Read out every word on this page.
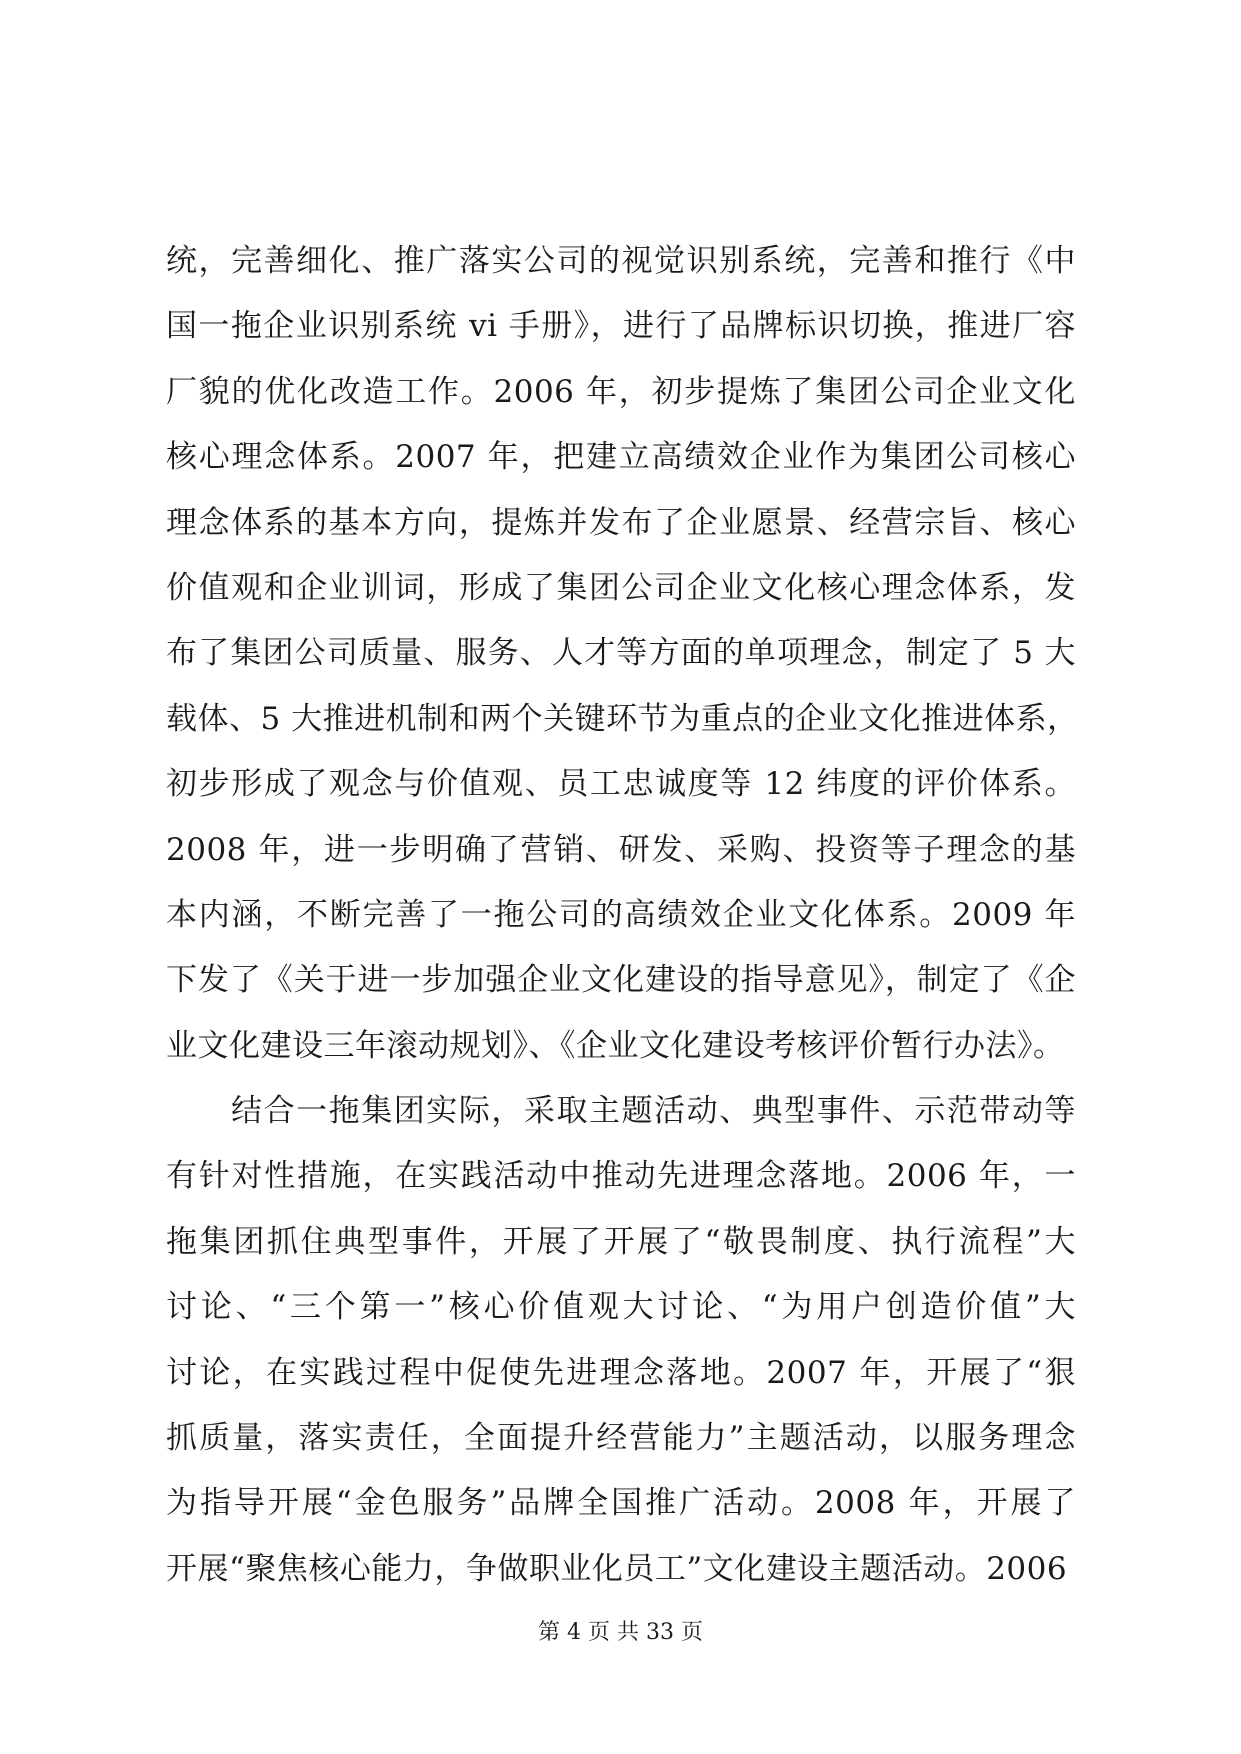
统，完善细化、推广落实公司的视觉识别系统，完善和推行《中
国一拖企业识别系统 vi 手册》，进行了品牌标识切换，推进厂容
厂貌的优化改造工作。2006 年，初步提炼了集团公司企业文化
核心理念体系。2007 年，把建立高绩效企业作为集团公司核心
理念体系的基本方向，提炼并发布了企业愿景、经营宗旨、核心
价值观和企业训词，形成了集团公司企业文化核心理念体系，发
布了集团公司质量、服务、人才等方面的单项理念，制定了 5 大
载体、5 大推进机制和两个关键环节为重点的企业文化推进体系，
初步形成了观念与价值观、员工忠诚度等 12 纬度的评价体系。
2008 年，进一步明确了营销、研发、采购、投资等子理念的基
本内涵，不断完善了一拖公司的高绩效企业文化体系。2009 年
下发了《关于进一步加强企业文化建设的指导意见》，制定了《企
业文化建设三年滚动规划》、《企业文化建设考核评价暂行办法》。
　　结合一拖集团实际，采取主题活动、典型事件、示范带动等
有针对性措施，在实践活动中推动先进理念落地。2006 年，一
拖集团抓住典型事件，开展了开展了“敬畏制度、执行流程”大
讨论、“三个第一”核心价值观大讨论、“为用户创造价值”大
讨论，在实践过程中促使先进理念落地。2007 年，开展了“狠
抓质量，落实责任，全面提升经营能力”主题活动，以服务理念
为指导开展“金色服务”品牌全国推广活动。2008 年，开展了
开展“聚焦核心能力，争做职业化员工”文化建设主题活动。2006
第 4 页 共 33 页
